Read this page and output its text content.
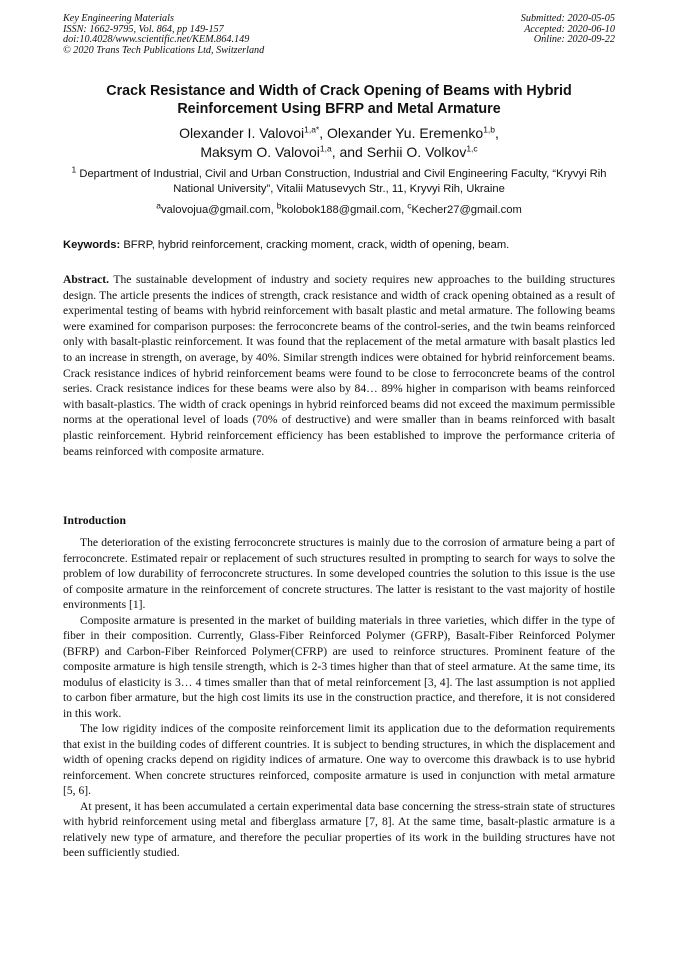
Key Engineering Materials
ISSN: 1662-9795, Vol. 864, pp 149-157
doi:10.4028/www.scientific.net/KEM.864.149
© 2020 Trans Tech Publications Ltd, Switzerland
Submitted: 2020-05-05
Accepted: 2020-06-10
Online: 2020-09-22
Crack Resistance and Width of Crack Opening of Beams with Hybrid Reinforcement Using BFRP and Metal Armature
Olexander I. Valovoi$^{1,a*}$, Olexander Yu. Eremenko$^{1,b}$,
Maksym O. Valovoi$^{1,a}$, and Serhii O. Volkov$^{1,c}$
$^1$ Department of Industrial, Civil and Urban Construction, Industrial and Civil Engineering Faculty, “Kryvyi Rih National University”, Vitalii Matusevych Str., 11, Kryvyi Rih, Ukraine
$^a$valovojua@gmail.com, $^b$kolobok188@gmail.com, $^c$Kecher27@gmail.com
Keywords: BFRP, hybrid reinforcement, cracking moment, crack, width of opening, beam.
Abstract. The sustainable development of industry and society requires new approaches to the building structures design. The article presents the indices of strength, crack resistance and width of crack opening obtained as a result of experimental testing of beams with hybrid reinforcement with basalt plastic and metal armature. The following beams were examined for comparison purposes: the ferroconcrete beams of the control-series, and the twin beams reinforced only with basalt-plastic reinforcement. It was found that the replacement of the metal armature with basalt plastics led to an increase in strength, on average, by 40%. Similar strength indices were obtained for hybrid reinforcement beams. Crack resistance indices of hybrid reinforcement beams were found to be close to ferroconcrete beams of the control series. Crack resistance indices for these beams were also by 84… 89% higher in comparison with beams reinforced with basalt-plastics. The width of crack openings in hybrid reinforced beams did not exceed the maximum permissible norms at the operational level of loads (70% of destructive) and were smaller than in beams reinforced with basalt plastic reinforcement. Hybrid reinforcement efficiency has been established to improve the performance criteria of beams reinforced with composite armature.
Introduction

The deterioration of the existing ferroconcrete structures is mainly due to the corrosion of armature being a part of ferroconcrete. Estimated repair or replacement of such structures resulted in prompting to search for ways to solve the problem of low durability of ferroconcrete structures. In some developed countries the solution to this issue is the use of composite armature in the reinforcement of concrete structures. The latter is resistant to the vast majority of hostile environments [1].

Composite armature is presented in the market of building materials in three varieties, which differ in the type of fiber in their composition. Currently, Glass-Fiber Reinforced Polymer (GFRP), Basalt-Fiber Reinforced Polymer (BFRP) and Carbon-Fiber Reinforced Polymer(CFRP) are used to reinforce structures. Prominent feature of the composite armature is high tensile strength, which is 2-3 times higher than that of steel armature. At the same time, its modulus of elasticity is 3… 4 times smaller than that of metal reinforcement [3, 4]. The last assumption is not applied to carbon fiber armature, but the high cost limits its use in the construction practice, and therefore, it is not considered in this work.

The low rigidity indices of the composite reinforcement limit its application due to the deformation requirements that exist in the building codes of different countries. It is subject to bending structures, in which the displacement and width of opening cracks depend on rigidity indices of armature. One way to overcome this drawback is to use hybrid reinforcement. When concrete structures reinforced, composite armature is used in conjunction with metal armature [5, 6].

At present, it has been accumulated a certain experimental data base concerning the stress-strain state of structures with hybrid reinforcement using metal and fiberglass armature [7, 8]. At the same time, basalt-plastic armature is a relatively new type of armature, and therefore the peculiar properties of its work in the building structures have not been sufficiently studied.
